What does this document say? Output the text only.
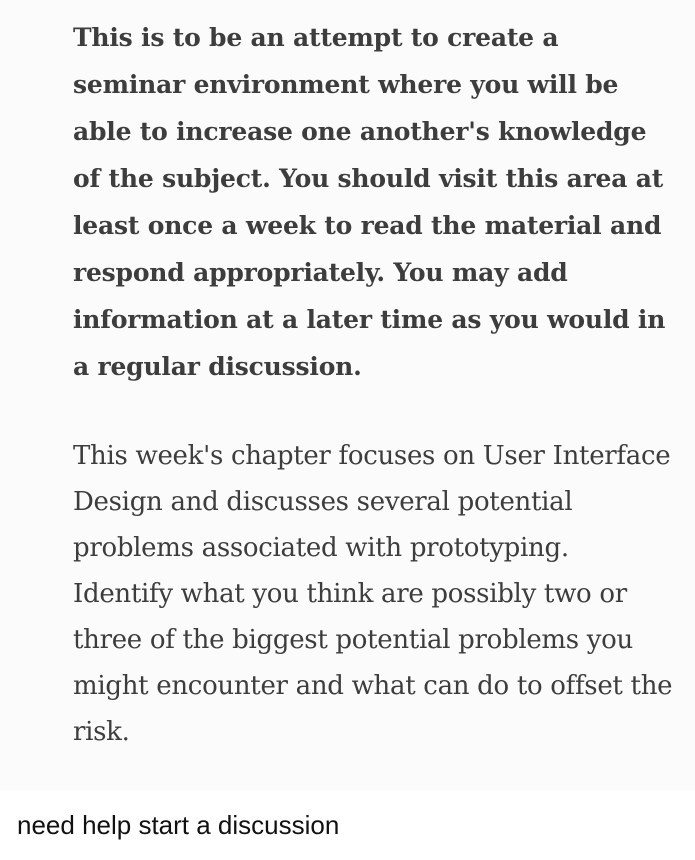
This is to be an attempt to create a seminar environment where you will be able to increase one another's knowledge of the subject. You should visit this area at least once a week to read the material and respond appropriately. You may add information at a later time as you would in a regular discussion.

This week's chapter focuses on User Interface Design and discusses several potential problems associated with prototyping. Identify what you think are possibly two or three of the biggest potential problems you might encounter and what can do to offset the risk.

need help start a discussion
